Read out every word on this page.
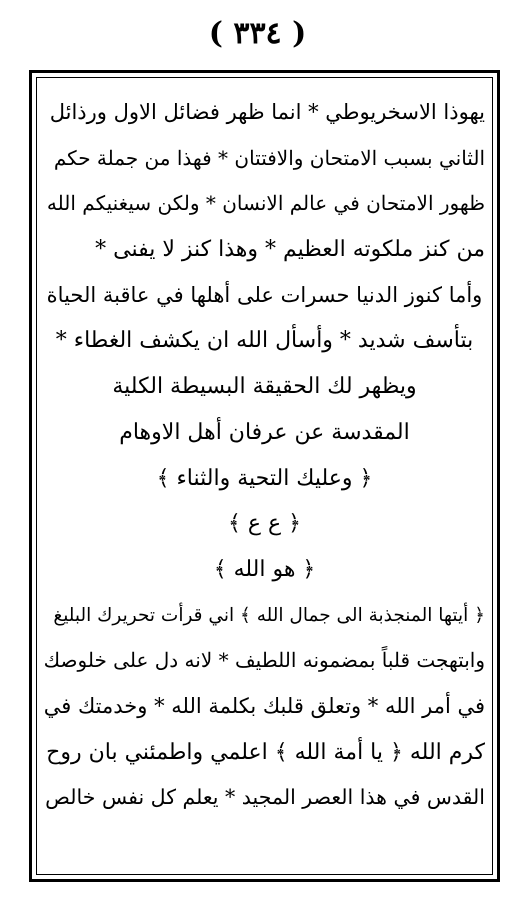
( ٣٣٤ )
يهوذا الاسخريوطي * انما ظهر فضائل الاول ورذائل
الثاني بسبب الامتحان والافتتان * فهذا من جملة حكم
ظهور الامتحان في عالم الانسان * ولكن سيغنيكم الله
من كنز ملكوته العظيم * وهذا كنز لا يفنى *
وأما كنوز الدنيا حسرات على أهلها في عاقبة الحياة
بتأسف شديد * وأسأل الله ان يكشف الغطاء *
ويظهر لك الحقيقة البسيطة الكلية
المقدسة عن عرفان أهل الاوهام
﴿ وعليك التحية والثناء ﴾
﴿ ع ع ﴾
﴿ هو الله ﴾
﴿ أيتها المنجذبة الى جمال الله ﴾ اني قرأت تحريرك البليغ
وابتهجت قلباً بمضمونه اللطيف * لانه دل على خلوصك
في أمر الله * وتعلق قلبك بكلمة الله * وخدمتك في
كرم الله ﴿ يا أمة الله ﴾ اعلمي واطمئني بان روح
القدس في هذا العصر المجيد * يعلم كل نفس خالص
